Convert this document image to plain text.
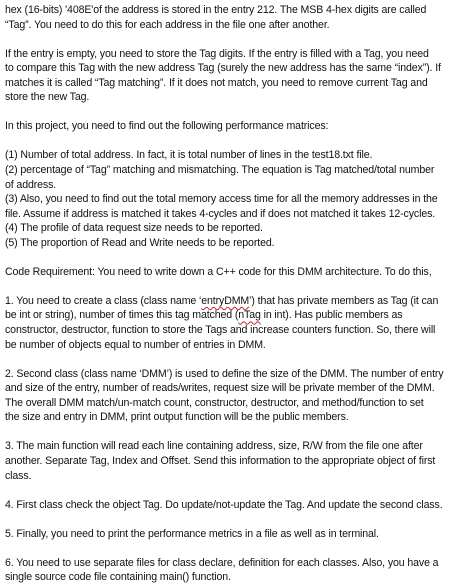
hex (16-bits) '408E'of the address is stored in the entry 212. The MSB 4-hex digits are called
“Tag”. You need to do this for each address in the file one after another.
If the entry is empty, you need to store the Tag digits. If the entry is filled with a Tag, you need
to compare this Tag with the new address Tag (surely the new address has the same “index”). If
matches it is called “Tag matching”. If it does not match, you need to remove current Tag and
store the new Tag.
In this project, you need to find out the following performance matrices:
(1) Number of total address. In fact, it is total number of lines in the test18.txt file.
(2) percentage of “Tag” matching and mismatching. The equation is Tag matched/total number
of address.
(3) Also, you need to find out the total memory access time for all the memory addresses in the
file. Assume if address is matched it takes 4-cycles and if does not matched it takes 12-cycles.
(4) The profile of data request size needs to be reported.
(5) The proportion of Read and Write needs to be reported.
Code Requirement: You need to write down a C++ code for this DMM architecture. To do this,
1. You need to create a class (class name ‘entryDMM’) that has private members as Tag (it can
be int or string), number of times this tag matched (nTag in int). Has public members as
constructor, destructor, function to store the Tags and increase counters function. So, there will
be number of objects equal to number of entries in DMM.
2. Second class (class name ‘DMM’) is used to define the size of the DMM. The number of entry
and size of the entry, number of reads/writes, request size will be private member of the DMM.
The overall DMM match/un-match count, constructor, destructor, and method/function to set
the size and entry in DMM, print output function will be the public members.
3. The main function will read each line containing address, size, R/W from the file one after
another. Separate Tag, Index and Offset. Send this information to the appropriate object of first
class.
4. First class check the object Tag. Do update/not-update the Tag. And update the second class.
5. Finally, you need to print the performance metrics in a file as well as in terminal.
6. You need to use separate files for class declare, definition for each classes. Also, you have a
single source code file containing main() function.
